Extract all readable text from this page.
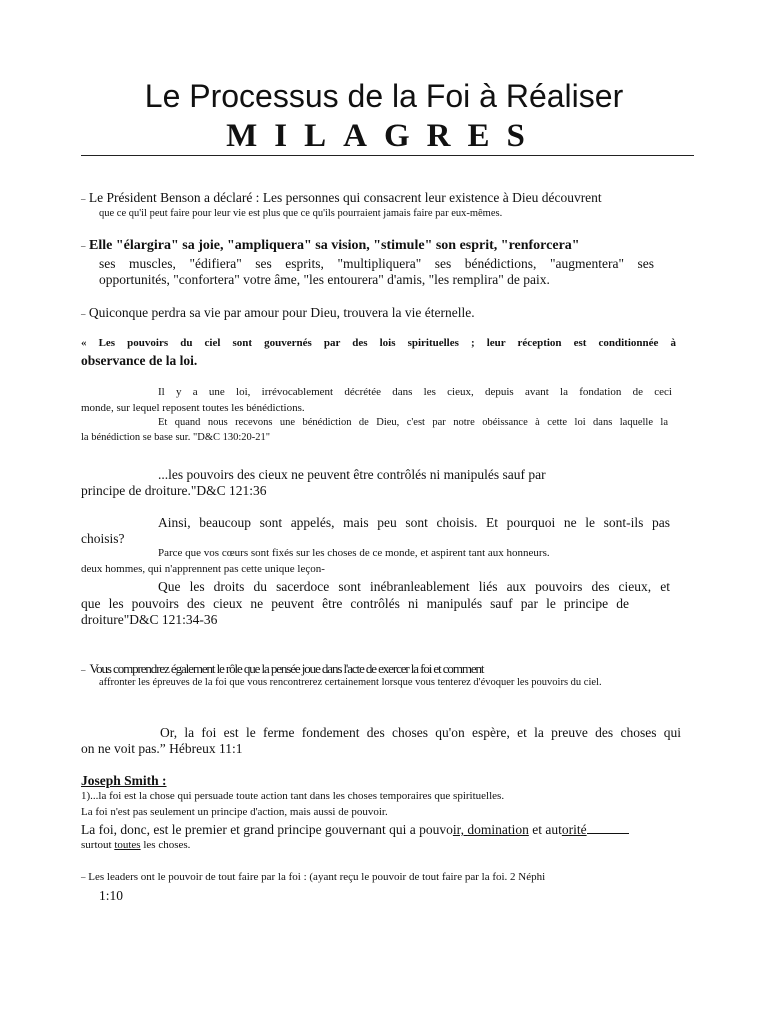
Le Processus de la Foi à Réaliser
MILAGRES
– Le Président Benson a déclaré : Les personnes qui consacrent leur existence à Dieu découvrent
que ce qu'il peut faire pour leur vie est plus que ce qu'ils pourraient jamais faire par eux-mêmes.
– Elle "élargira" sa joie, "ampliquera" sa vision, "stimule" son esprit, "renforcera"
ses muscles, "édifiera" ses esprits, "multipliquera" ses bénédictions, "augmentera" ses
opportunités, "confortera" votre âme, "les entourera" d'amis, "les remplira" de paix.
– Quiconque perdra sa vie par amour pour Dieu, trouvera la vie éternelle.
« Les pouvoirs du ciel sont gouvernés par des lois spirituelles ; leur réception est conditionnée à
observance de la loi.
Il y a une loi, irrévocablement décrétée dans les cieux, depuis avant la fondation de ceci
monde, sur lequel reposent toutes les bénédictions.
Et quand nous recevons une bénédiction de Dieu, c'est par notre obéissance à cette loi dans laquelle la
la bénédiction se base sur. "D&C 130:20-21"
...les pouvoirs des cieux ne peuvent être contrôlés ni manipulés sauf par
principe de droiture."D&C 121:36
Ainsi, beaucoup sont appelés, mais peu sont choisis. Et pourquoi ne le sont-ils pas
choisis?
Parce que vos cœurs sont fixés sur les choses de ce monde, et aspirent tant aux honneurs.
deux hommes, qui n'apprennent pas cette unique leçon-
Que les droits du sacerdoce sont inébranleablement liés aux pouvoirs des cieux, et
que les pouvoirs des cieux ne peuvent être contrôlés ni manipulés sauf par le principe de
droiture"D&C 121:34-36
– Vous comprendrez également le rôle que la pensée joue dans l'acte de exercer la foi et comment
affronter les épreuves de la foi que vous rencontrerez certainement lorsque vous tenterez d'évoquer les pouvoirs du ciel.
Or, la foi est le ferme fondement des choses qu'on espère, et la preuve des choses qui
on ne voit pas.” Hébreux 11:1
Joseph Smith :
1)...la foi est la chose qui persuade toute action tant dans les choses temporaires que spirituelles.
La foi n'est pas seulement un principe d'action, mais aussi de pouvoir.
La foi, donc, est le premier et grand principe gouvernant qui a pouvoir, domination et autorité
surtout toutes les choses.
– Les leaders ont le pouvoir de tout faire par la foi : (ayant reçu le pouvoir de tout faire par la foi. 2 Néphi
1:10
